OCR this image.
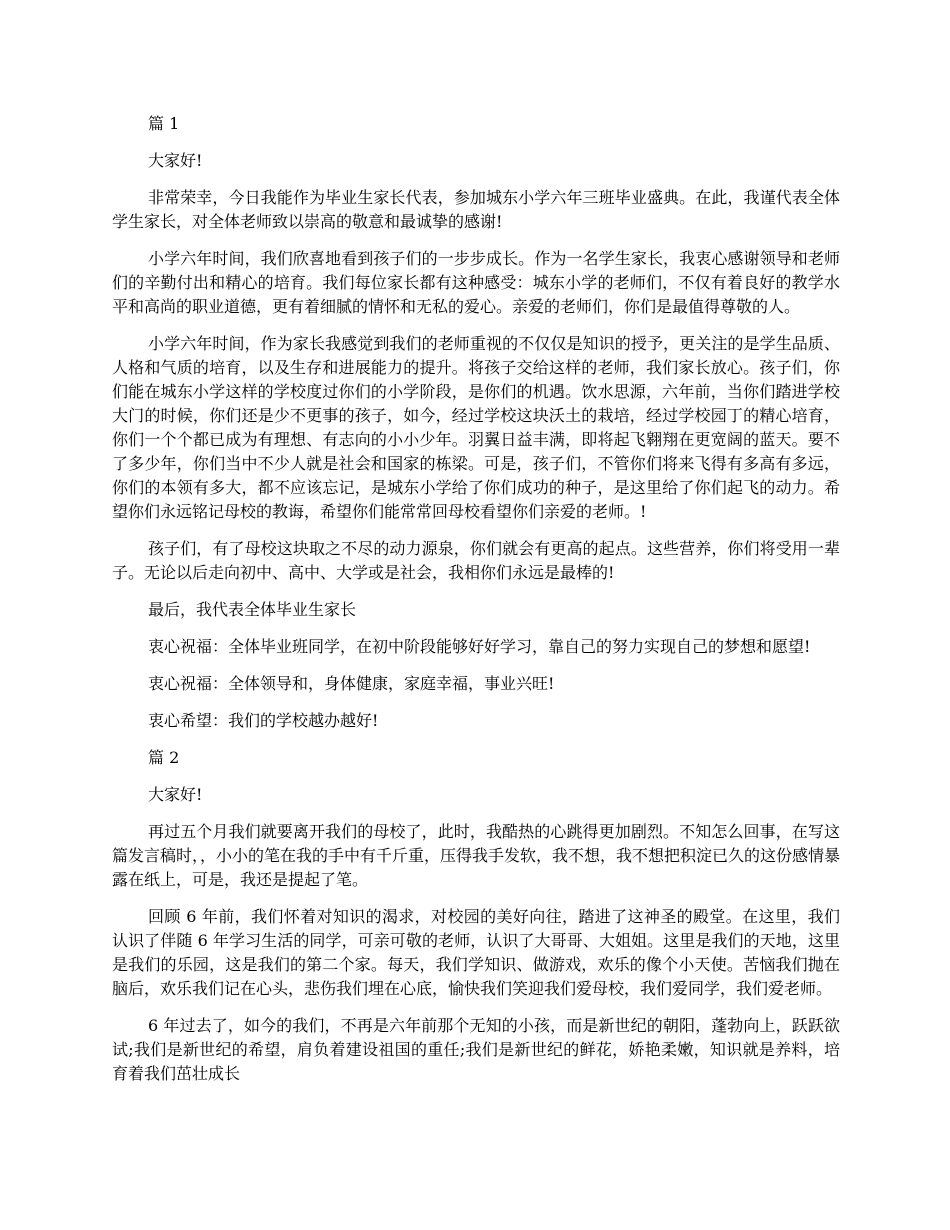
篇 1

大家好!

非常荣幸，今日我能作为毕业生家长代表，参加城东小学六年三班毕业盛典。在此，我谨代表全体学生家长，对全体老师致以崇高的敬意和最诚挚的感谢!

小学六年时间，我们欣喜地看到孩子们的一步步成长。作为一名学生家长，我衷心感谢领导和老师们的辛勤付出和精心的培育。我们每位家长都有这种感受：城东小学的老师们，不仅有着良好的教学水平和高尚的职业道德，更有着细腻的情怀和无私的爱心。亲爱的老师们，你们是最值得尊敬的人。

小学六年时间，作为家长我感觉到我们的老师重视的不仅仅是知识的授予，更关注的是学生品质、人格和气质的培育，以及生存和进展能力的提升。将孩子交给这样的老师，我们家长放心。孩子们，你们能在城东小学这样的学校度过你们的小学阶段，是你们的机遇。饮水思源，六年前，当你们踏进学校大门的时候，你们还是少不更事的孩子，如今，经过学校这块沃土的栽培，经过学校园丁的精心培育，你们一个个都已成为有理想、有志向的小小少年。羽翼日益丰满，即将起飞翱翔在更宽阔的蓝天。要不了多少年，你们当中不少人就是社会和国家的栋梁。可是，孩子们，不管你们将来飞得有多高有多远，你们的本领有多大，都不应该忘记，是城东小学给了你们成功的种子，是这里给了你们起飞的动力。希望你们永远铭记母校的教诲，希望你们能常常回母校看望你们亲爱的老师。!

孩子们，有了母校这块取之不尽的动力源泉，你们就会有更高的起点。这些营养，你们将受用一辈子。无论以后走向初中、高中、大学或是社会，我相你们永远是最棒的!

最后，我代表全体毕业生家长

衷心祝福：全体毕业班同学，在初中阶段能够好好学习，靠自己的努力实现自己的梦想和愿望!

衷心祝福：全体领导和，身体健康，家庭幸福，事业兴旺!

衷心希望：我们的学校越办越好!

篇 2

大家好!

再过五个月我们就要离开我们的母校了，此时，我酷热的心跳得更加剧烈。不知怎么回事，在写这篇发言稿时，，小小的笔在我的手中有千斤重，压得我手发软，我不想，我不想把积淀已久的这份感情暴露在纸上，可是，我还是提起了笔。

回顾 6 年前，我们怀着对知识的渴求，对校园的美好向往，踏进了这神圣的殿堂。在这里，我们认识了伴随 6 年学习生活的同学，可亲可敬的老师，认识了大哥哥、大姐姐。这里是我们的天地，这里是我们的乐园，这是我们的第二个家。每天，我们学知识、做游戏，欢乐的像个小天使。苦恼我们抛在脑后，欢乐我们记在心头，悲伤我们埋在心底，愉快我们笑迎我们爱母校，我们爱同学，我们爱老师。

6 年过去了，如今的我们，不再是六年前那个无知的小孩，而是新世纪的朝阳，蓬勃向上，跃跃欲试;我们是新世纪的希望，肩负着建设祖国的重任;我们是新世纪的鲜花，娇艳柔嫩，知识就是养料，培育着我们茁壮成长
